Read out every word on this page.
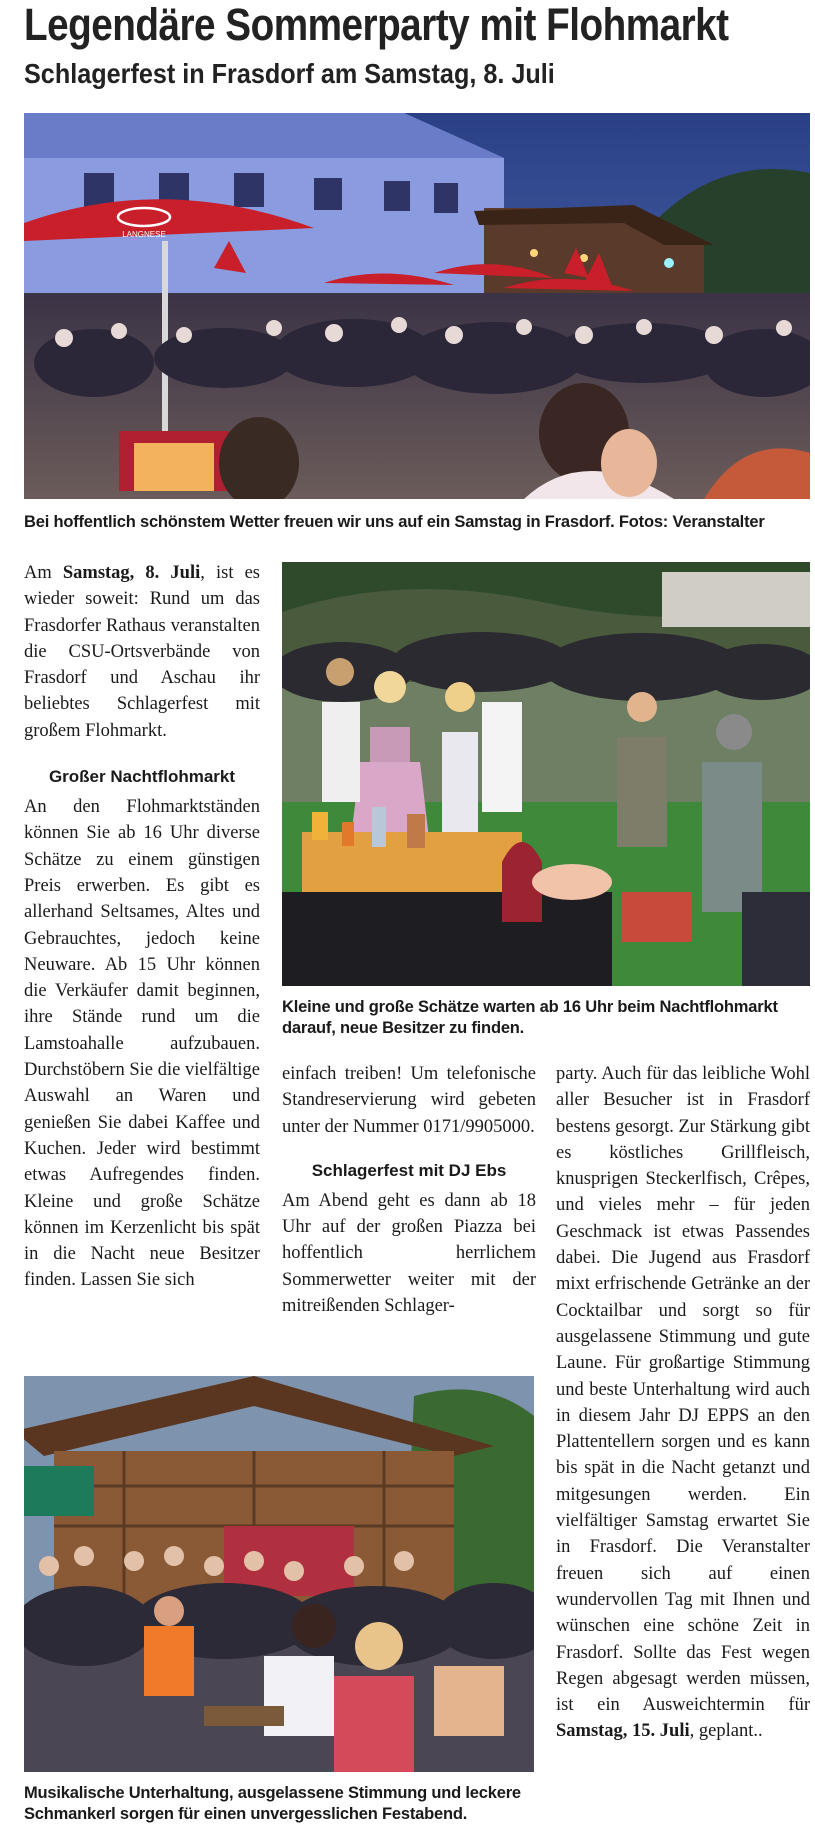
Legendäre Sommerparty mit Flohmarkt
Schlagerfest in Frasdorf am Samstag, 8. Juli
LANGNESE
Bei hoffentlich schönstem Wetter freuen wir uns auf ein Samstag in Frasdorf. Fotos: Veranstalter
Kleine und große Schätze warten ab 16 Uhr beim Nachtflohmarkt darauf, neue Besitzer zu finden.

Am Samstag, 8. Juli, ist es wieder soweit: Rund um das Frasdorfer Rathaus veranstalten die CSU-Ortsverbände von Frasdorf und Aschau ihr beliebtes Schlagerfest mit großem Flohmarkt.

Großer Nachtflohmarkt

An den Flohmarktständen können Sie ab 16 Uhr diverse Schätze zu einem günstigen Preis erwerben. Es gibt es allerhand Seltsames, Altes und Gebrauchtes, jedoch keine Neuware. Ab 15 Uhr können die Verkäufer damit beginnen, ihre Stände rund um die Lamstoahalle aufzubauen. Durchstöbern Sie die vielfältige Auswahl an Waren und genießen Sie dabei Kaffee und Kuchen. Jeder wird bestimmt etwas Aufregendes finden. Kleine und große Schätze können im Kerzenlicht bis spät in die Nacht neue Besitzer finden. Lassen Sie sich

einfach treiben! Um telefonische Standreservierung wird gebeten unter der Nummer 0171/9905000.

Schlagerfest mit DJ Ebs

Am Abend geht es dann ab 18 Uhr auf der großen Piazza bei hoffentlich herrlichem Sommerwetter weiter mit der mitreißenden Schlager-

party. Auch für das leibliche Wohl aller Besucher ist in Frasdorf bestens gesorgt. Zur Stärkung gibt es köstliches Grillfleisch, knusprigen Steckerlfisch, Crêpes, und vieles mehr – für jeden Geschmack ist etwas Passendes dabei. Die Jugend aus Frasdorf mixt erfrischende Getränke an der Cocktailbar und sorgt so für ausgelassene Stimmung und gute Laune. Für großartige Stimmung und beste Unterhaltung wird auch in diesem Jahr DJ EPPS an den Plattentellern sorgen und es kann bis spät in die Nacht getanzt und mitgesungen werden. Ein vielfältiger Samstag erwartet Sie in Frasdorf. Die Veranstalter freuen sich auf einen wundervollen Tag mit Ihnen und wünschen eine schöne Zeit in Frasdorf. Sollte das Fest wegen Regen abgesagt werden müssen, ist ein Ausweichtermin für Samstag, 15. Juli, geplant..

Musikalische Unterhaltung, ausgelassene Stimmung und leckere Schmankerl sorgen für einen unvergesslichen Festabend.
